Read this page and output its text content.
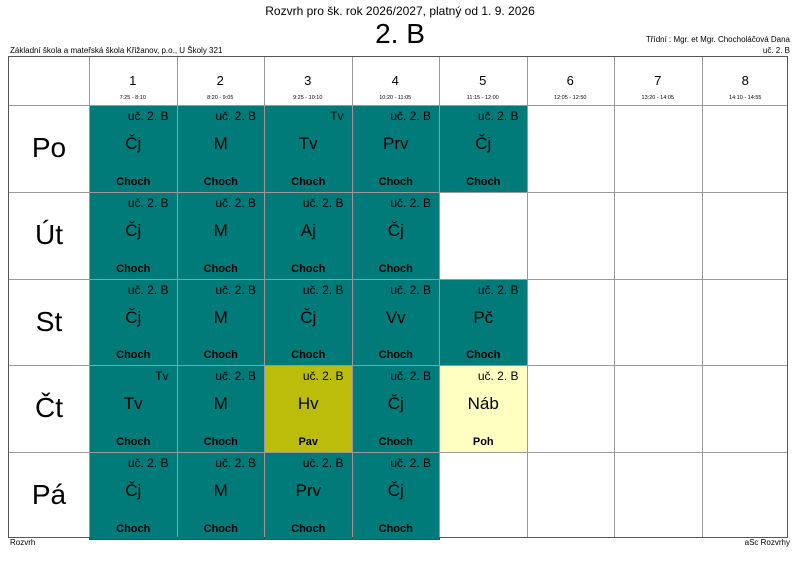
Rozvrh pro šk. rok 2026/2027, platný od 1. 9. 2026
2. B
Základní škola a mateřská škola Křižanov, p.o., U Školy 321
Třídní : Mgr. et Mgr. Chocholáčová Dana
uč. 2. B
1
7:25 - 8:10
2
8:20 - 9:05
3
9:25 - 10:10
4
10:20 - 11:05
5
11:15 - 12:00
6
12:05 - 12:50
7
13:20 - 14:05
8
14:10 - 14:55
Po
uč. 2. B
Čj
Choch
uč. 2. B
M
Choch
Tv
Tv
Choch
uč. 2. B
Prv
Choch
uč. 2. B
Čj
Choch
Út
uč. 2. B
Čj
Choch
uč. 2. B
M
Choch
uč. 2. B
Aj
Choch
uč. 2. B
Čj
Choch
St
uč. 2. B
Čj
Choch
uč. 2. B
M
Choch
uč. 2. B
Čj
Choch
uč. 2. B
Vv
Choch
uč. 2. B
Pč
Choch
Čt
Tv
Tv
Choch
uč. 2. B
M
Choch
uč. 2. B
Hv
Pav
uč. 2. B
Čj
Choch
uč. 2. B
Náb
Poh
Pá
uč. 2. B
Čj
Choch
uč. 2. B
M
Choch
uč. 2. B
Prv
Choch
uč. 2. B
Čj
Choch
Rozvrh	aSc Rozvrhy
